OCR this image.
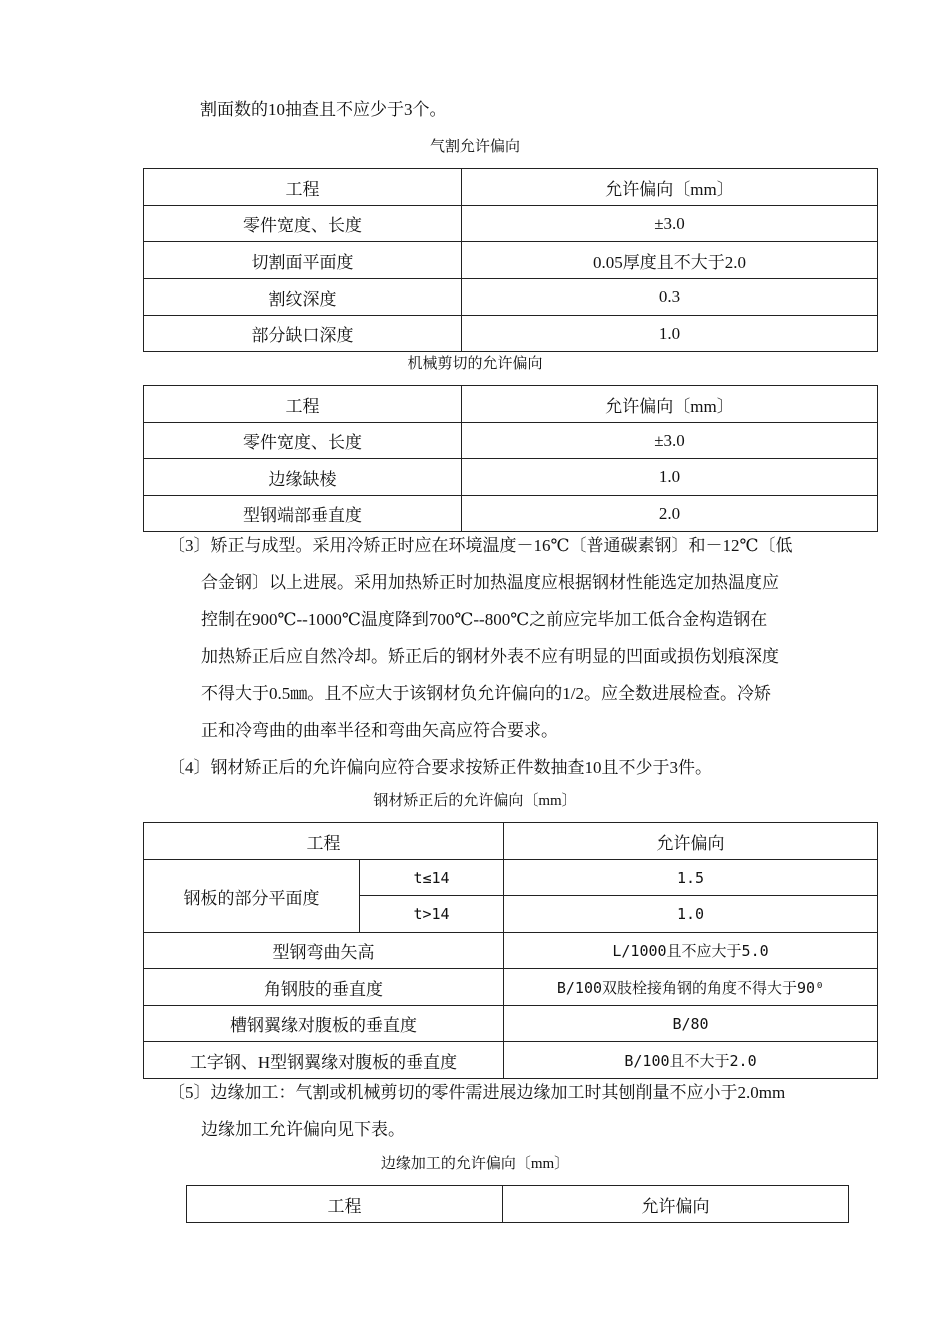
割面数的10抽查且不应少于3个。
气割允许偏向
工程	允许偏向〔mm〕
零件宽度、长度	±3.0
切割面平面度	0.05厚度且不大于2.0
割纹深度	0.3
部分缺口深度	1.0
机械剪切的允许偏向
工程	允许偏向〔mm〕
零件宽度、长度	±3.0
边缘缺棱	1.0
型钢端部垂直度	2.0
〔3〕矫正与成型。采用冷矫正时应在环境温度－16℃〔普通碳素钢〕和－12℃〔低
合金钢〕以上进展。采用加热矫正时加热温度应根据钢材性能选定加热温度应
控制在900℃--1000℃温度降到700℃--800℃之前应完毕加工低合金构造钢在
加热矫正后应自然冷却。矫正后的钢材外表不应有明显的凹面或损伤划痕深度
不得大于0.5㎜。且不应大于该钢材负允许偏向的1/2。应全数进展检查。冷矫
正和冷弯曲的曲率半径和弯曲矢高应符合要求。
〔4〕钢材矫正后的允许偏向应符合要求按矫正件数抽查10且不少于3件。
钢材矫正后的允许偏向〔mm〕
工程		允许偏向
钢板的部分平面度	t≤14	1.5
	t>14	1.0
型钢弯曲矢高		L/1000且不应大于5.0
角钢肢的垂直度		B/100双肢栓接角钢的角度不得大于90⁰
槽钢翼缘对腹板的垂直度		B/80
工字钢、H型钢翼缘对腹板的垂直度		B/100且不大于2.0
〔5〕边缘加工：气割或机械剪切的零件需进展边缘加工时其刨削量不应小于2.0mm
边缘加工允许偏向见下表。
边缘加工的允许偏向〔mm〕
工程	允许偏向
